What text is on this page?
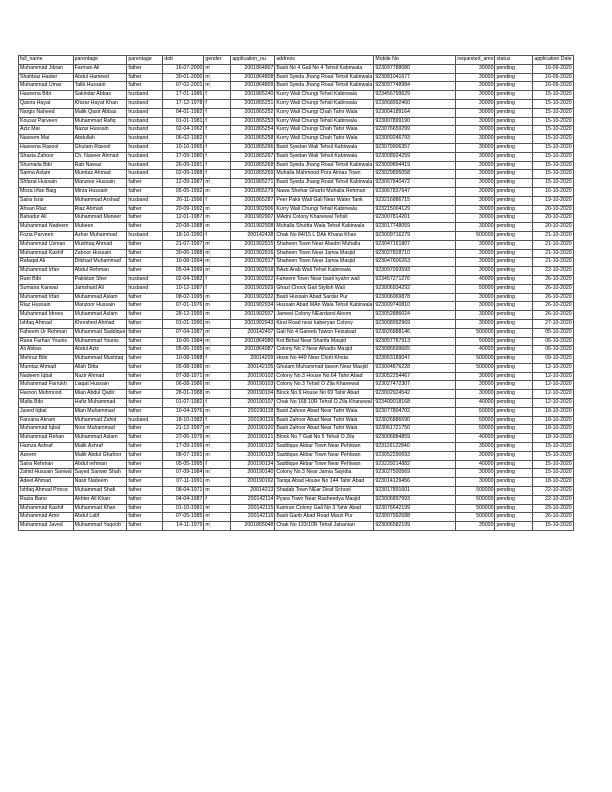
full_name	parentage	parentage	dob	gender	application_nu	address	Mobile No	requested_amo	status	application Date
Muhammad Jibran	Farman Ali	father	16-07-2000	m	2001864807	Basti No 4 Gali No 4 Tehsil Kabirwala	923097788080	30000	pending	16-09-2020
Shahbaz Haider	Abdul Hameed	father	30-01-2000	m	2001864808	Basti Syeda Jhang Road Tehsil Kabirwala	923081041677	30000	pending	16-09-2020
Muhammad Umar	Talib Hussain	father	07-02-2001	m	2001864809	Basti Syeda Jhang Road Tehsil Kabirwala	923097748984	30000	pending	16-09-2020
Haseena Bibi	Sakindar Abbas	husband	17-01-1986	f	2001865240	Kurry Wali Chungi Tehsil Kabirwala	923456799629	30000	pending	15-10-2020
Qasira Hayat	Khizar Hayat Khan	husband	17-12-1978	f	2001865251	Kurry Wali Chungi Tehsil Kabirwala	923068992460	30000	pending	15-10-2020
Nargis Naheed	Malik Qasir Abbas	husband	04-01-1982	f	2001865252	Kurry Wali Chungi Chah Tahir Wala	923004189164	30000	pending	15-10-2020
Kousar Parveen	Muhammad Rafiq	husband	01-01-1981	f	2001865253	Kurry Wali Chungi Tehsil Kabirwala	923007899190	30000	pending	15-10-2020
Aziz Mai	Nazar Hussain	husband	02-04-1962	f	2001865254	Kurry Wali Chungi Chah Tahir Wala	923076659299	30000	pending	15-10-2020
Naseem Mai	Abdullah	husband	06-02-1982	f	2001865258	Kurry Wali Chungi Chah Tahir Wala	923009246793	30000	pending	15-10-2020
Haseena Rasool	Ghulam Rasool	husband	10-10-1965	f	2001865266	Basti Syedan Wali Tehsil Kabirwala	923079906357	30000	pending	15-10-2020
Shazia Zahoor	Ch. Naseer Ahmad	husband	17-09-1980	f	2001865267	Basti Syedan Wali Tehsil Kabirwala	923008924259	30000	pending	15-10-2020
Shumaila Bibi	Rab Nawaz	husband	26-09-1991	f	2001865268	Basti Syeda Jhang Road Tehsil Kabirwala	923009894419	30000	pending	15-10-2020
Saima Aslam	Mumtaz Ahmad	husband	02-09-1988	f	2001865269	Muhalla Mahmood Pora Almas Town	923029895058	30000	pending	15-10-2020
Shfarat Hussain	Manzoor Hussain	father	12-09-1987	m	2001865271	Basti Syeda Jhang Road Tehsil Kabirwala	923067840472	30000	pending	15-10-2020
Mirza Irfan Baig	Mirza Hussain	father	05-05-1992	m	2001865279	Nawa Shehar Gharbi Muhalla Rehman	923067837647	30000	pending	16-10-2020
Saira Israr	Muhammad Arshad	husband	26-11-1996	f	2001865287	Peer Pakir Wali Gali Near Water Tank	923216886715	30000	pending	19-10-2020
Ahsan Riaz	Riaz Ahmad	father	20-09-1992	m	2001902906	Kurry Wali Chungi Tehsil Kabirwala	923215004129	30000	pending	20-10-2020
Bahadur Ali	Muhammad Muneer	father	12-01-1987	m	2001902907	MAdni Colony Khanewal Tehsil	923007814201	30000	pending	20-10-2020
Muhammad Nadeem	Mubeen	father	20-08-1988	m	2001902908	Muhalla Shuttta Wala Tehsil Kabirwala	923017748059	30000	pending	20-10-2020
Fozia Parveen	Azhar Muhammad	husband	18-10-1990	f	200142438	Chak No 84/15 L DAk Khana Khas	923009716279	500000	pending	21-10-2020
Muhammad Usman	Mushtaq Ahmad	father	21-07-1997	m	2001902915	Shaheen Town Near Alaobri Muhalla	923047161807	30000	pending	21-10-2020
Muhammad Kashif	Zahoor Hussain	father	30-06-1988	m	2001902916	Shaheen Town Near Jamia Masjid	923027828710	30000	pending	21-10-2020
Rafaqat Ali	Dilshad Muhammad	father	10-08-1994	m	2001902917	Shaheen Town Near Jamia Masjid	923047606263	30000	pending	21-10-2020
Muhammad Irfan	Abdul Rehman	father	05-04-1999	m	2001902918	BAsti Arab Wali Tehsil Kabirwala	923097093593	30000	pending	22-10-2020
Rani Bibi	Pakistan Sher	husband	02-04-1982	f	2001902922	Faheem Town Near basti kyahn wali	923457271276	40000	pending	26-10-2020
Sumaira Kanwal	Jamshaid Ali	husband	10-12-1987	f	2001902929	Ghazi Chock Gali Stylish Wali	923006934292	50000	pending	26-10-2020
Muhammad Irfan	Muhammad Aslam	father	08-02-1995	m	2001902932	Basti Hussain Abad Sardar Pur	923006069878	30000	pending	26-10-2020
Riaz Hussain	Manzoor Hussain	father	07-01-1976	m	2001902934	Hussain Abad MAn Wala Tehsil Kabirwala	923009740810	30000	pending	26-10-2020
Muhammad Idrees	Muhammad Aslam	father	28-12-1995	m	2001902937	Jameel Colony NEardarol Aloom	923052886024	30000	pending	26-10-2020
Ishfaq Ahmad	Khorshed Ahmad	father	01-01-1990	m	2001902943	Kiral Road near kaberyan Colony	923008992969	30000	pending	27-10-2020
Faheem Ur Rehman	Muhammad Saddique	father	07-04-1987	m	200142407	Gali No 4 Gareeb Tawon Feizabad	923026888146	500000	pending	05-10-2020
Rana Farhan Younis	Muhammad Younis	father	10-06-1984	m	2001864980	Kot Birbal Near Sharifa Masjid	923057787913	50000	pending	06-10-2020
Ali Abbas	Abdul Aziz	father	05-06-1995	m	2001864987	Colony No 2 Near Alhadis Masjid	923086699665	40000	pending	06-10-2020
Mehraz Bibi	Muhammad Mushtaq	father	10-08-1988	f	20014209	Hose No 449 Near Chirti Khota	923063189047	500000	pending	09-10-2020
Mumtaz Ahmad	Allah Ditta	father	05-08-1986	m	200142105	Ghulam Muhammad tawon Near Masjid	923004876228	500000	pending	12-10-2020
Nadeem Iqbal	Nazir Ahmad	father	07-08-1971	m	200190102	Colony No.3 House No.64 Tahir Abad	923052254467	30000	pending	12-10-2020
Muhammad Farrukh	Liaqat Hussain	father	06-08-1986	m	200190103	Colony No.3 Tehsil O Zila Khanewal	923027472307	30000	pending	12-10-2020
Haroon Muhmood	Mian Abdul Qadir	father	28-01-1988	m	200190104	Block No.9 House No 69 Tahir Abad	923002924542	30000	pending	12-10-2020
Mafia Bibi	Hafiz Muhammad	father	01-07-1982	f	200190107	Chak No 168 10R Tehsil O Zila Khanewal	923409018168	40000	pending	12-10-2020
Javed Iqbal	Mian Muhammad	father	10-04-1976	m	200190118	Basti Zahoor Abad Near Tahir Wala	923077804702	50000	pending	18-10-2020
Farzana Akram	Muhammad Zahid	husband	18-10-1982	f	200190119	Basti Zahoor Abad Near Tahir Wala	923026886690	50000	pending	18-10-2020
Muhammad Iqbal	Noor Muhammad	father	21-12-1997	m	200190120	Basti Zahoor Abad Near Tahir Wala	923061721750	50000	pending	18-10-2020
Muhammad Rehan	Muhammad Aslam	father	27-06-1979	m	200190121	Block No 7 Gali No 5 Tehsil O Zila	923006884859	40000	pending	18-10-2020
Hamza Ashraf	Malik Ashraf	father	17-09-1996	m	200190132	Saddique Akbar Town Near Pehlwan	923116122840	35000	pending	15-10-2020
Azeem	Malik Abdul Ghafoor	father	08-07-1991	m	200190133	Saddique Akbar Town Near Pehlwan	923052290693	30000	pending	15-10-2020
Saira Rehman	Abdul rehman	father	05-05-1995	f	200190134	Saddique Akbar Town Near Pehlwan	923229214882	40000	pending	15-10-2020
Zahid Hussain Sanwal	Sayed Sarwar Shah	father	07-09-1984	m	200190140	Colony No.3 Near Jamia Sayidia	923027500569	30000	pending	15-10-2020
Adeel Ahmad	Nasir Nadeem	father	07-11-1991	m	200190162	Tariqa Abad House No 144 Tahir Abad	923014129456	30000	pending	18-10-2020
Ishfaq Ahmad Prince	Muhammad Shafi	father	08-04-1971	m	20014213	Shadab Town NEar Deaf School	923017891601	500000	pending	22-10-2020
Razia Bano	Akhter Ali Khan	father	04-04-1987	f	200142114	Pyara Town Near Rasheedya Masjid	923006897993	500000	pending	22-10-2020
Muhammad Kashif	Muhammad Khan	father	01-10-1981	m	200142115	Kamran Colony Gali No 3 Tahir Abad	923076642199	500000	pending	29-10-2020
Muhammad Amir	Abdul Latif	father	07-05-1985	m	200142116	Basti Garib Abad Road Marzi Pur	923007992688	500000	pending	26-10-2020
Muhammad Javed	Muhammad Yaqoob	father	14-11-1979	m	2001865048	Chak No 133/10R Tehsil Jahanian	923006582199	35000	pending	15-10-2020
